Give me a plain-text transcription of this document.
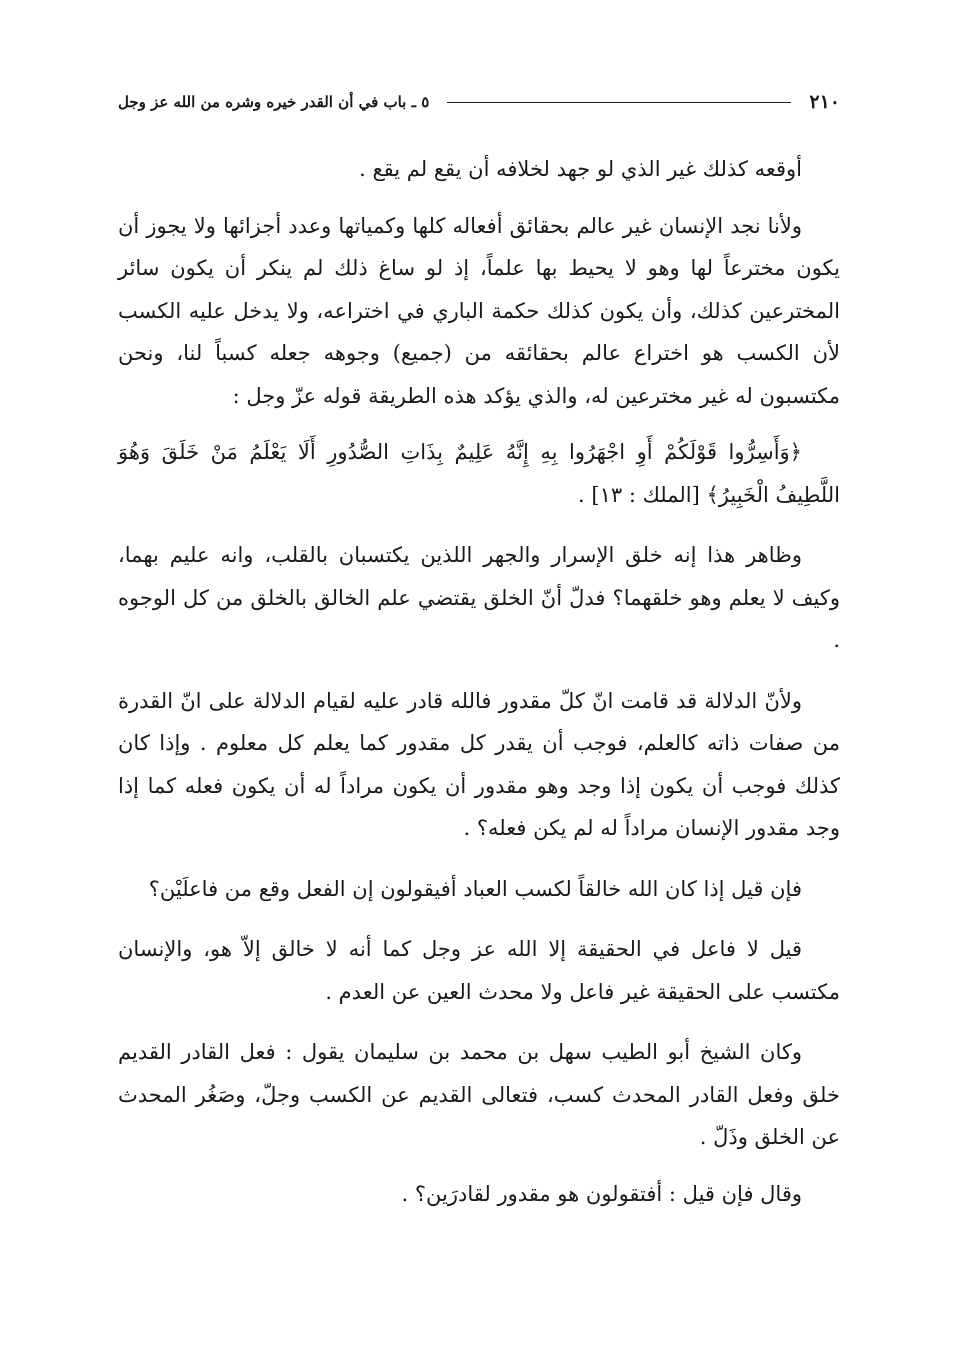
٢١٠
٥ ـ باب في أن القدر خيره وشره من الله عز وجل

أوقعه كذلك غير الذي لو جهد لخلافه أن يقع لم يقع .

ولأنا نجد الإنسان غير عالم بحقائق أفعاله كلها وكمياتها وعدد أجزائها ولا يجوز أن يكون مخترعاً لها وهو لا يحيط بها علماً، إذ لو ساغ ذلك لم ينكر أن يكون سائر المخترعين كذلك، وأن يكون كذلك حكمة الباري في اختراعه، ولا يدخل عليه الكسب لأن الكسب هو اختراع عالم بحقائقه من (جميع) وجوهه جعله كسباً لنا، ونحن مكتسبون له غير مخترعين له، والذي يؤكد هذه الطريقة قوله عزّ وجل :

﴿وَأَسِرُّوا قَوْلَكُمْ أَوِ اجْهَرُوا بِهِ إِنَّهُ عَلِيمٌ بِذَاتِ الصُّدُورِ أَلَا يَعْلَمُ مَنْ خَلَقَ وَهُوَ اللَّطِيفُ الْخَبِيرُ﴾ [الملك : ١٣] .

وظاهر هذا إنه خلق الإسرار والجهر اللذين يكتسبان بالقلب، وانه عليم بهما، وكيف لا يعلم وهو خلقهما؟ فدلّ أنّ الخلق يقتضي علم الخالق بالخلق من كل الوجوه .

ولأنّ الدلالة قد قامت انّ كلّ مقدور فالله قادر عليه لقيام الدلالة على انّ القدرة من صفات ذاته كالعلم، فوجب أن يقدر كل مقدور كما يعلم كل معلوم . وإذا كان كذلك فوجب أن يكون إذا وجد وهو مقدور أن يكون مراداً له أن يكون فعله كما إذا وجد مقدور الإنسان مراداً له لم يكن فعله؟ .

فإن قيل إذا كان الله خالقاً لكسب العباد أفيقولون إن الفعل وقع من فاعلَيْن؟

قيل لا فاعل في الحقيقة إلا الله عز وجل كما أنه لا خالق إلاّ هو، والإنسان مكتسب على الحقيقة غير فاعل ولا محدث العين عن العدم .

وكان الشيخ أبو الطيب سهل بن محمد بن سليمان يقول : فعل القادر القديم خلق وفعل القادر المحدث كسب، فتعالى القديم عن الكسب وجلّ، وصَغُر المحدث عن الخلق وذَلّ .

وقال فإن قيل : أفتقولون هو مقدور لقادرَين؟ .
